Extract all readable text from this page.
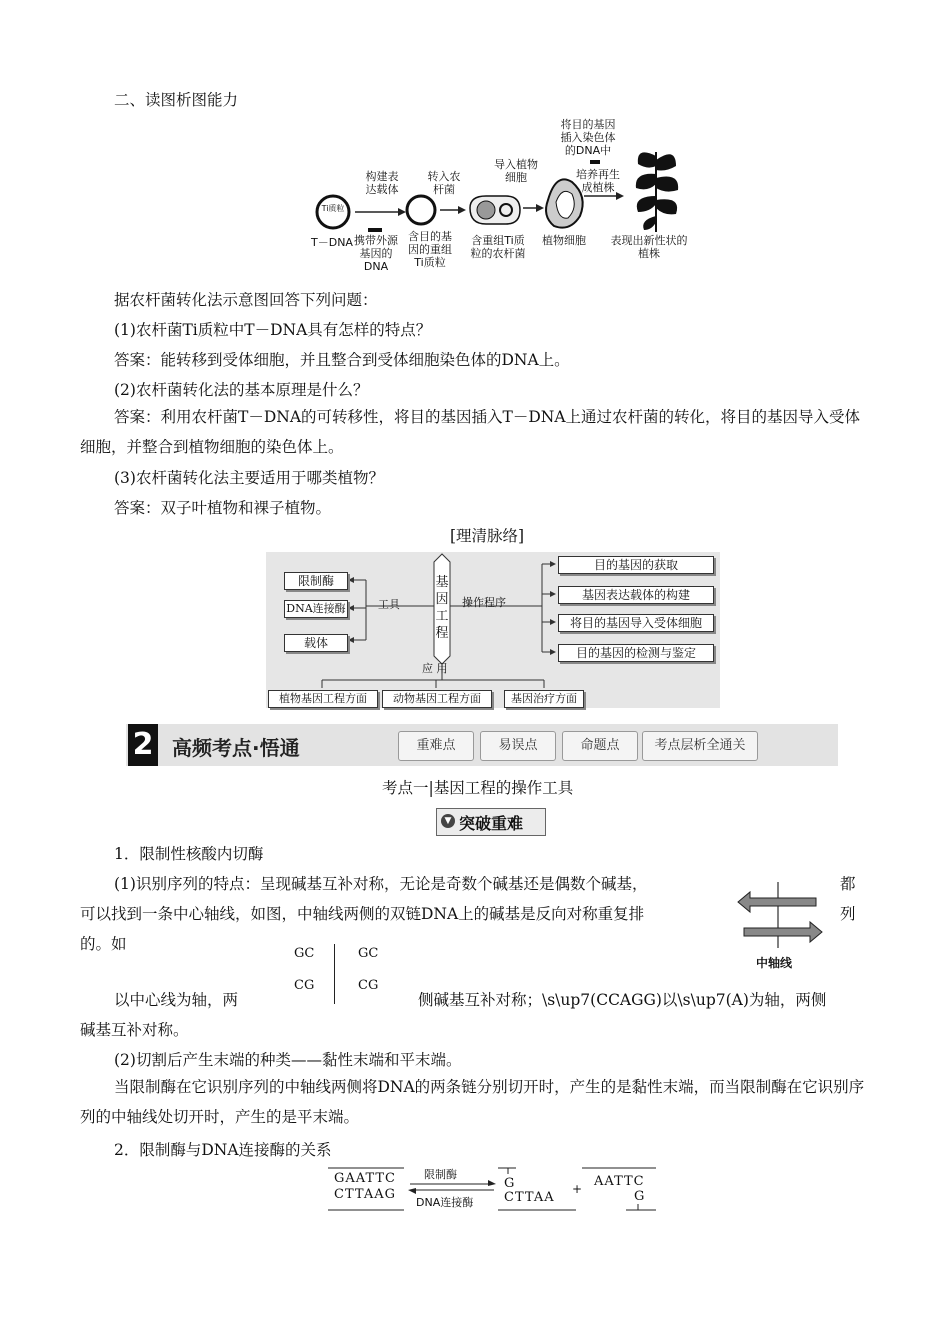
二、读图析图能力
Ti质粒
T－DNA
构建表达载体
携带外源基因的DNA
含目的基因的重组Ti质粒
转入农杆菌
含重组Ti质粒的农杆菌
导入植物细胞
植物细胞
将目的基因插入染色体的DNA中
培养再生成植株
表现出新性状的植株
据农杆菌转化法示意图回答下列问题：
(1)农杆菌Ti质粒中T－DNA具有怎样的特点？
答案：能转移到受体细胞，并且整合到受体细胞染色体的DNA上。
(2)农杆菌转化法的基本原理是什么？
答案：利用农杆菌T－DNA的可转移性，将目的基因插入T－DNA上通过农杆菌的转化，将目的基因导入受体细胞，并整合到植物细胞的染色体上。
(3)农杆菌转化法主要适用于哪类植物？
答案：双子叶植物和裸子植物。
[理清脉络]
基因工程
工具	操作程序
应 用
限制酶
DNA连接酶
载体
目的基因的获取
基因表达载体的构建
将目的基因导入受体细胞
目的基因的检测与鉴定
植物基因工程方面	动物基因工程方面	基因治疗方面
2 高频考点·悟通	重难点	易误点	命题点	考点层析全通关
考点一|基因工程的操作工具
▼ 突破重难
1．限制性核酸内切酶
(1)识别序列的特点：呈现碱基互补对称，无论是奇数个碱基还是偶数个碱基，	都
可以找到一条中心轴线，如图，中轴线两侧的双链DNA上的碱基是反向对称重复排	列
的。如
中轴线
GC	GC
CG	CG
以中心线为轴，两	侧碱基互补对称；\s\up7(CCAGG)以\s\up7(A)为轴，两侧
碱基互补对称。
(2)切割后产生末端的种类——黏性末端和平末端。
当限制酶在它识别序列的中轴线两侧将DNA的两条链分别切开时，产生的是黏性末端，而当限制酶在它识别序列的中轴线处切开时，产生的是平末端。
2．限制酶与DNA连接酶的关系
GAATTC
CTTAAG
限制酶
DNA连接酶
G
CTTAA
+ AATTC
G
